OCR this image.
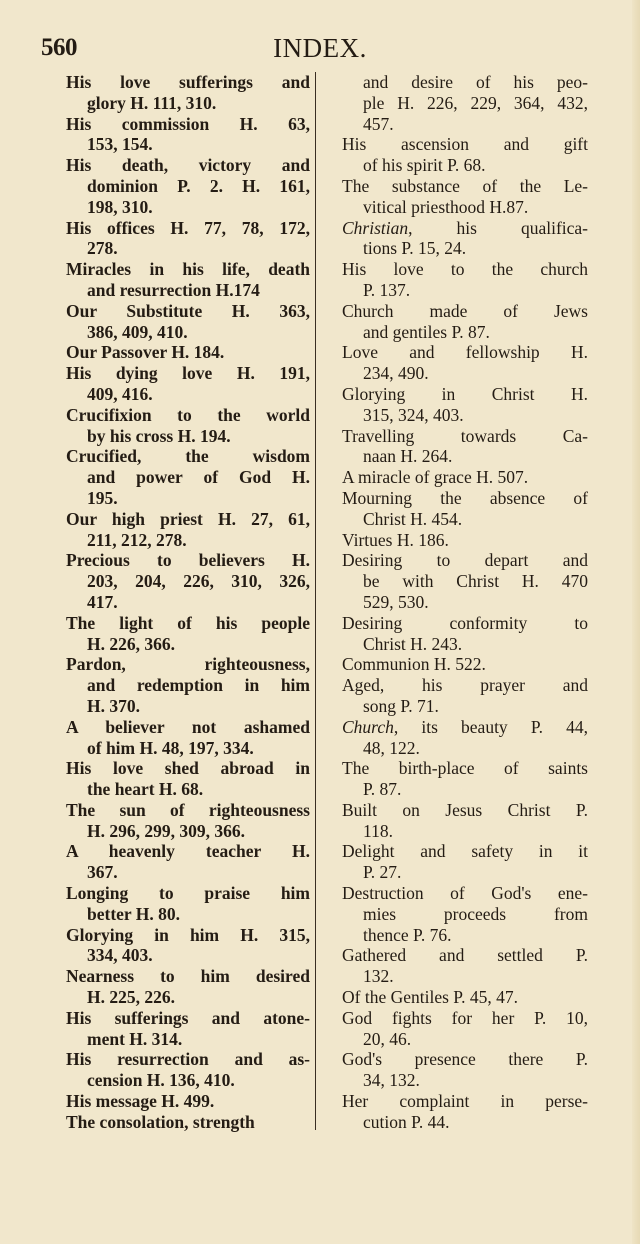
560	INDEX.
His love sufferings and
glory H. 111, 310.
His commission H. 63,
153, 154.
His death, victory and
dominion P. 2. H. 161,
198, 310.
His offices H. 77, 78, 172,
278.
Miracles in his life, death
and resurrection H.174
Our Substitute H. 363,
386, 409, 410.
Our Passover H. 184.
His dying love H. 191,
409, 416.
Crucifixion to the world
by his cross H. 194.
Crucified, the wisdom
and power of God H.
195.
Our high priest H. 27, 61,
211, 212, 278.
Precious to believers H.
203, 204, 226, 310, 326,
417.
The light of his people
H. 226, 366.
Pardon, righteousness,
and redemption in him
H. 370.
A believer not ashamed
of him H. 48, 197, 334.
His love shed abroad in
the heart H. 68.
The sun of righteousness
H. 296, 299, 309, 366.
A heavenly teacher H.
367.
Longing to praise him
better H. 80.
Glorying in him H. 315,
334, 403.
Nearness to him desired
H. 225, 226.
His sufferings and atone-
ment H. 314.
His resurrection and as-
cension H. 136, 410.
His message H. 499.
The consolation, strength
and desire of his peo-
ple H. 226, 229, 364, 432,
457.
His ascension and gift
of his spirit P. 68.
The substance of the Le-
vitical priesthood H.87.
Christian, his qualifica-
tions P. 15, 24.
His love to the church
P. 137.
Church made of Jews
and gentiles P. 87.
Love and fellowship H.
234, 490.
Glorying in Christ H.
315, 324, 403.
Travelling towards Ca-
naan H. 264.
A miracle of grace H. 507.
Mourning the absence of
Christ H. 454.
Virtues H. 186.
Desiring to depart and
be with Christ H. 470
529, 530.
Desiring conformity to
Christ H. 243.
Communion H. 522.
Aged, his prayer and
song P. 71.
Church, its beauty P. 44,
48, 122.
The birth-place of saints
P. 87.
Built on Jesus Christ P.
118.
Delight and safety in it
P. 27.
Destruction of God's ene-
mies proceeds from
thence P. 76.
Gathered and settled P.
132.
Of the Gentiles P. 45, 47.
God fights for her P. 10,
20, 46.
God's presence there P.
34, 132.
Her complaint in perse-
cution P. 44.
